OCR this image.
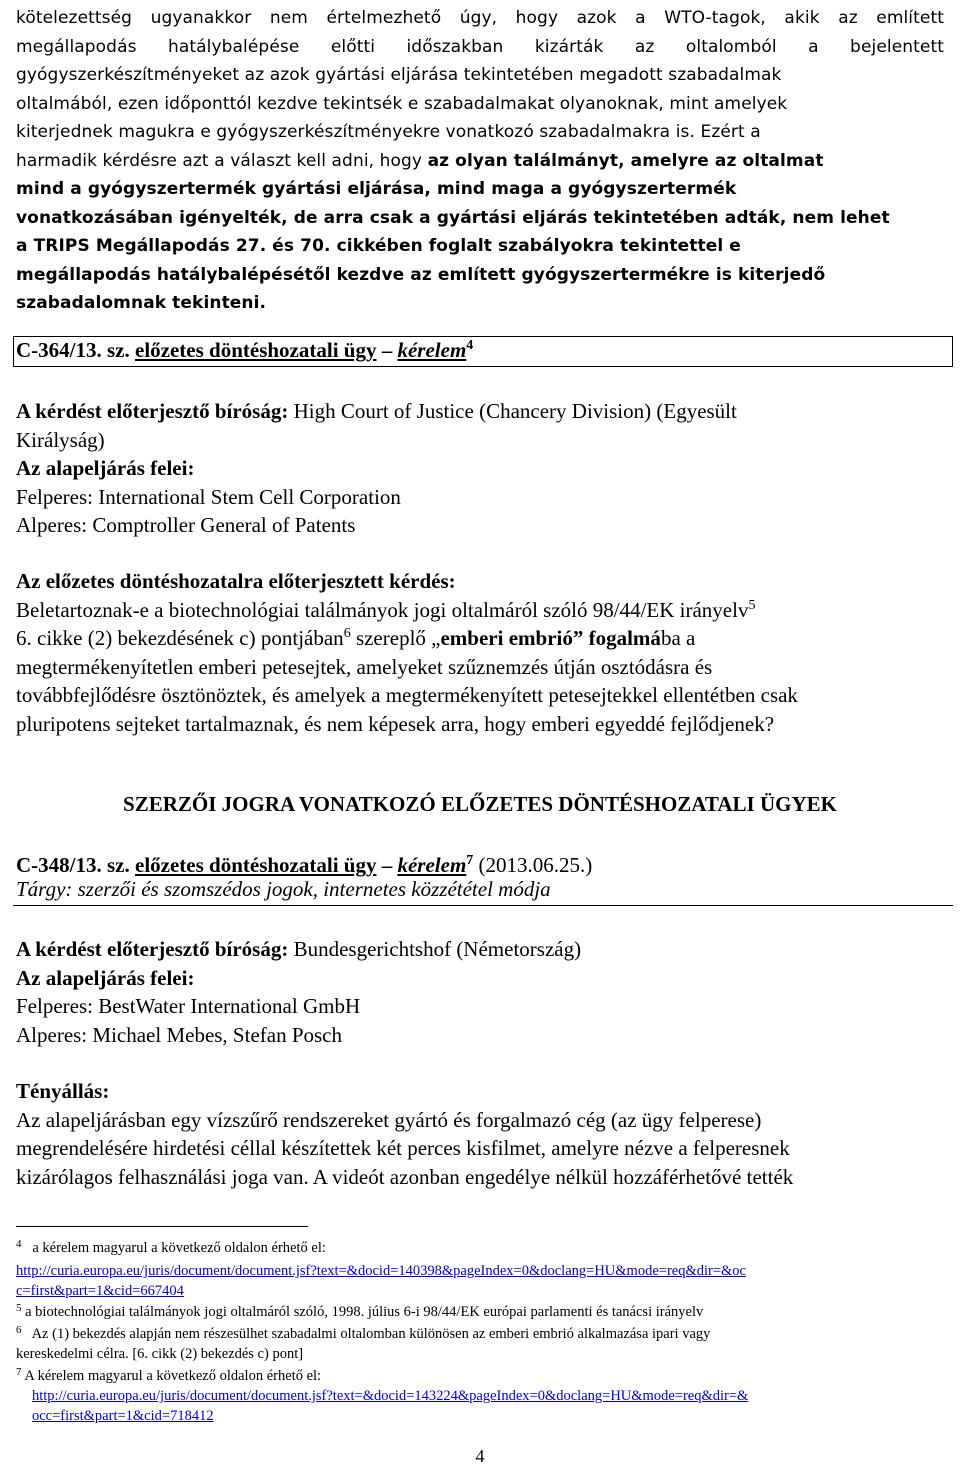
kötelezettség ugyanakkor nem értelmezhető úgy, hogy azok a WTO-tagok, akik az említett
megállapodás hatálybalépése előtti időszakban kizárták az oltalomból a bejelentett
gyógyszerkészítményeket az azok gyártási eljárása tekintetében megadott szabadalmak
oltalmából, ezen időponttól kezdve tekintsék e szabadalmakat olyanoknak, mint amelyek
kiterjednek magukra e gyógyszerkészítményekre vonatkozó szabadalmakra is. Ezért a
harmadik kérdésre azt a választ kell adni, hogy az olyan találmányt, amelyre az oltalmat
mind a gyógyszertermék gyártási eljárása, mind maga a gyógyszertermék
vonatkozásában igényelték, de arra csak a gyártási eljárás tekintetében adták, nem lehet
a TRIPS Megállapodás 27. és 70. cikkében foglalt szabályokra tekintettel e
megállapodás hatálybalépésétől kezdve az említett gyógyszertermékre is kiterjedő
szabadalomnak tekinteni.
C-364/13. sz. előzetes döntéshozatali ügy – kérelem$^4$
A kérdést előterjesztő bíróság: High Court of Justice (Chancery Division) (Egyesült
Királyság)
Az alapeljárás felei:
Felperes: International Stem Cell Corporation
Alperes: Comptroller General of Patents
Az előzetes döntéshozatalra előterjesztett kérdés:
Beletartoznak-e a biotechnológiai találmányok jogi oltalmáról szóló 98/44/EK irányelv$^5$
6. cikke (2) bekezdésének c) pontjában$^6$ szereplő „emberi embrió” fogalmába a
megtermékenyítetlen emberi petesejtek, amelyeket szűznemzés útján osztódásra és
továbbfejlődésre ösztönöztek, és amelyek a megtermékenyített petesejtekkel ellentétben csak
pluripotens sejteket tartalmaznak, és nem képesek arra, hogy emberi egyeddé fejlődjenek?
SZERZŐI JOGRA VONATKOZÓ ELŐZETES DÖNTÉSHOZATALI ÜGYEK
C-348/13. sz. előzetes döntéshozatali ügy – kérelem$^7$ (2013.06.25.)
Tárgy: szerzői és szomszédos jogok, internetes közzététel módja
A kérdést előterjesztő bíróság: Bundesgerichtshof (Németország)
Az alapeljárás felei:
Felperes: BestWater International GmbH
Alperes: Michael Mebes, Stefan Posch
Tényállás:
Az alapeljárásban egy vízszűrő rendszereket gyártó és forgalmazó cég (az ügy felperese)
megrendelésére hirdetési céllal készítettek két perces kisfilmet, amelyre nézve a felperesnek
kizárólagos felhasználási joga van. A videót azonban engedélye nélkül hozzáférhetővé tették
$^4$ a kérelem magyarul a következő oldalon érhető el:
http://curia.europa.eu/juris/document/document.jsf?text=&docid=140398&pageIndex=0&doclang=HU&mode=req&dir=&oc
c=first&part=1&cid=667404
$^5$ a biotechnológiai találmányok jogi oltalmáról szóló, 1998. július 6-i 98/44/EK európai parlamenti és tanácsi irányelv
$^6$ Az (1) bekezdés alapján nem részesülhet szabadalmi oltalomban különösen az emberi embrió alkalmazása ipari vagy
kereskedelmi célra. [6. cikk (2) bekezdés c) pont]
$^7$ A kérelem magyarul a következő oldalon érhető el:
http://curia.europa.eu/juris/document/document.jsf?text=&docid=143224&pageIndex=0&doclang=HU&mode=req&dir=&
occ=first&part=1&cid=718412
4
